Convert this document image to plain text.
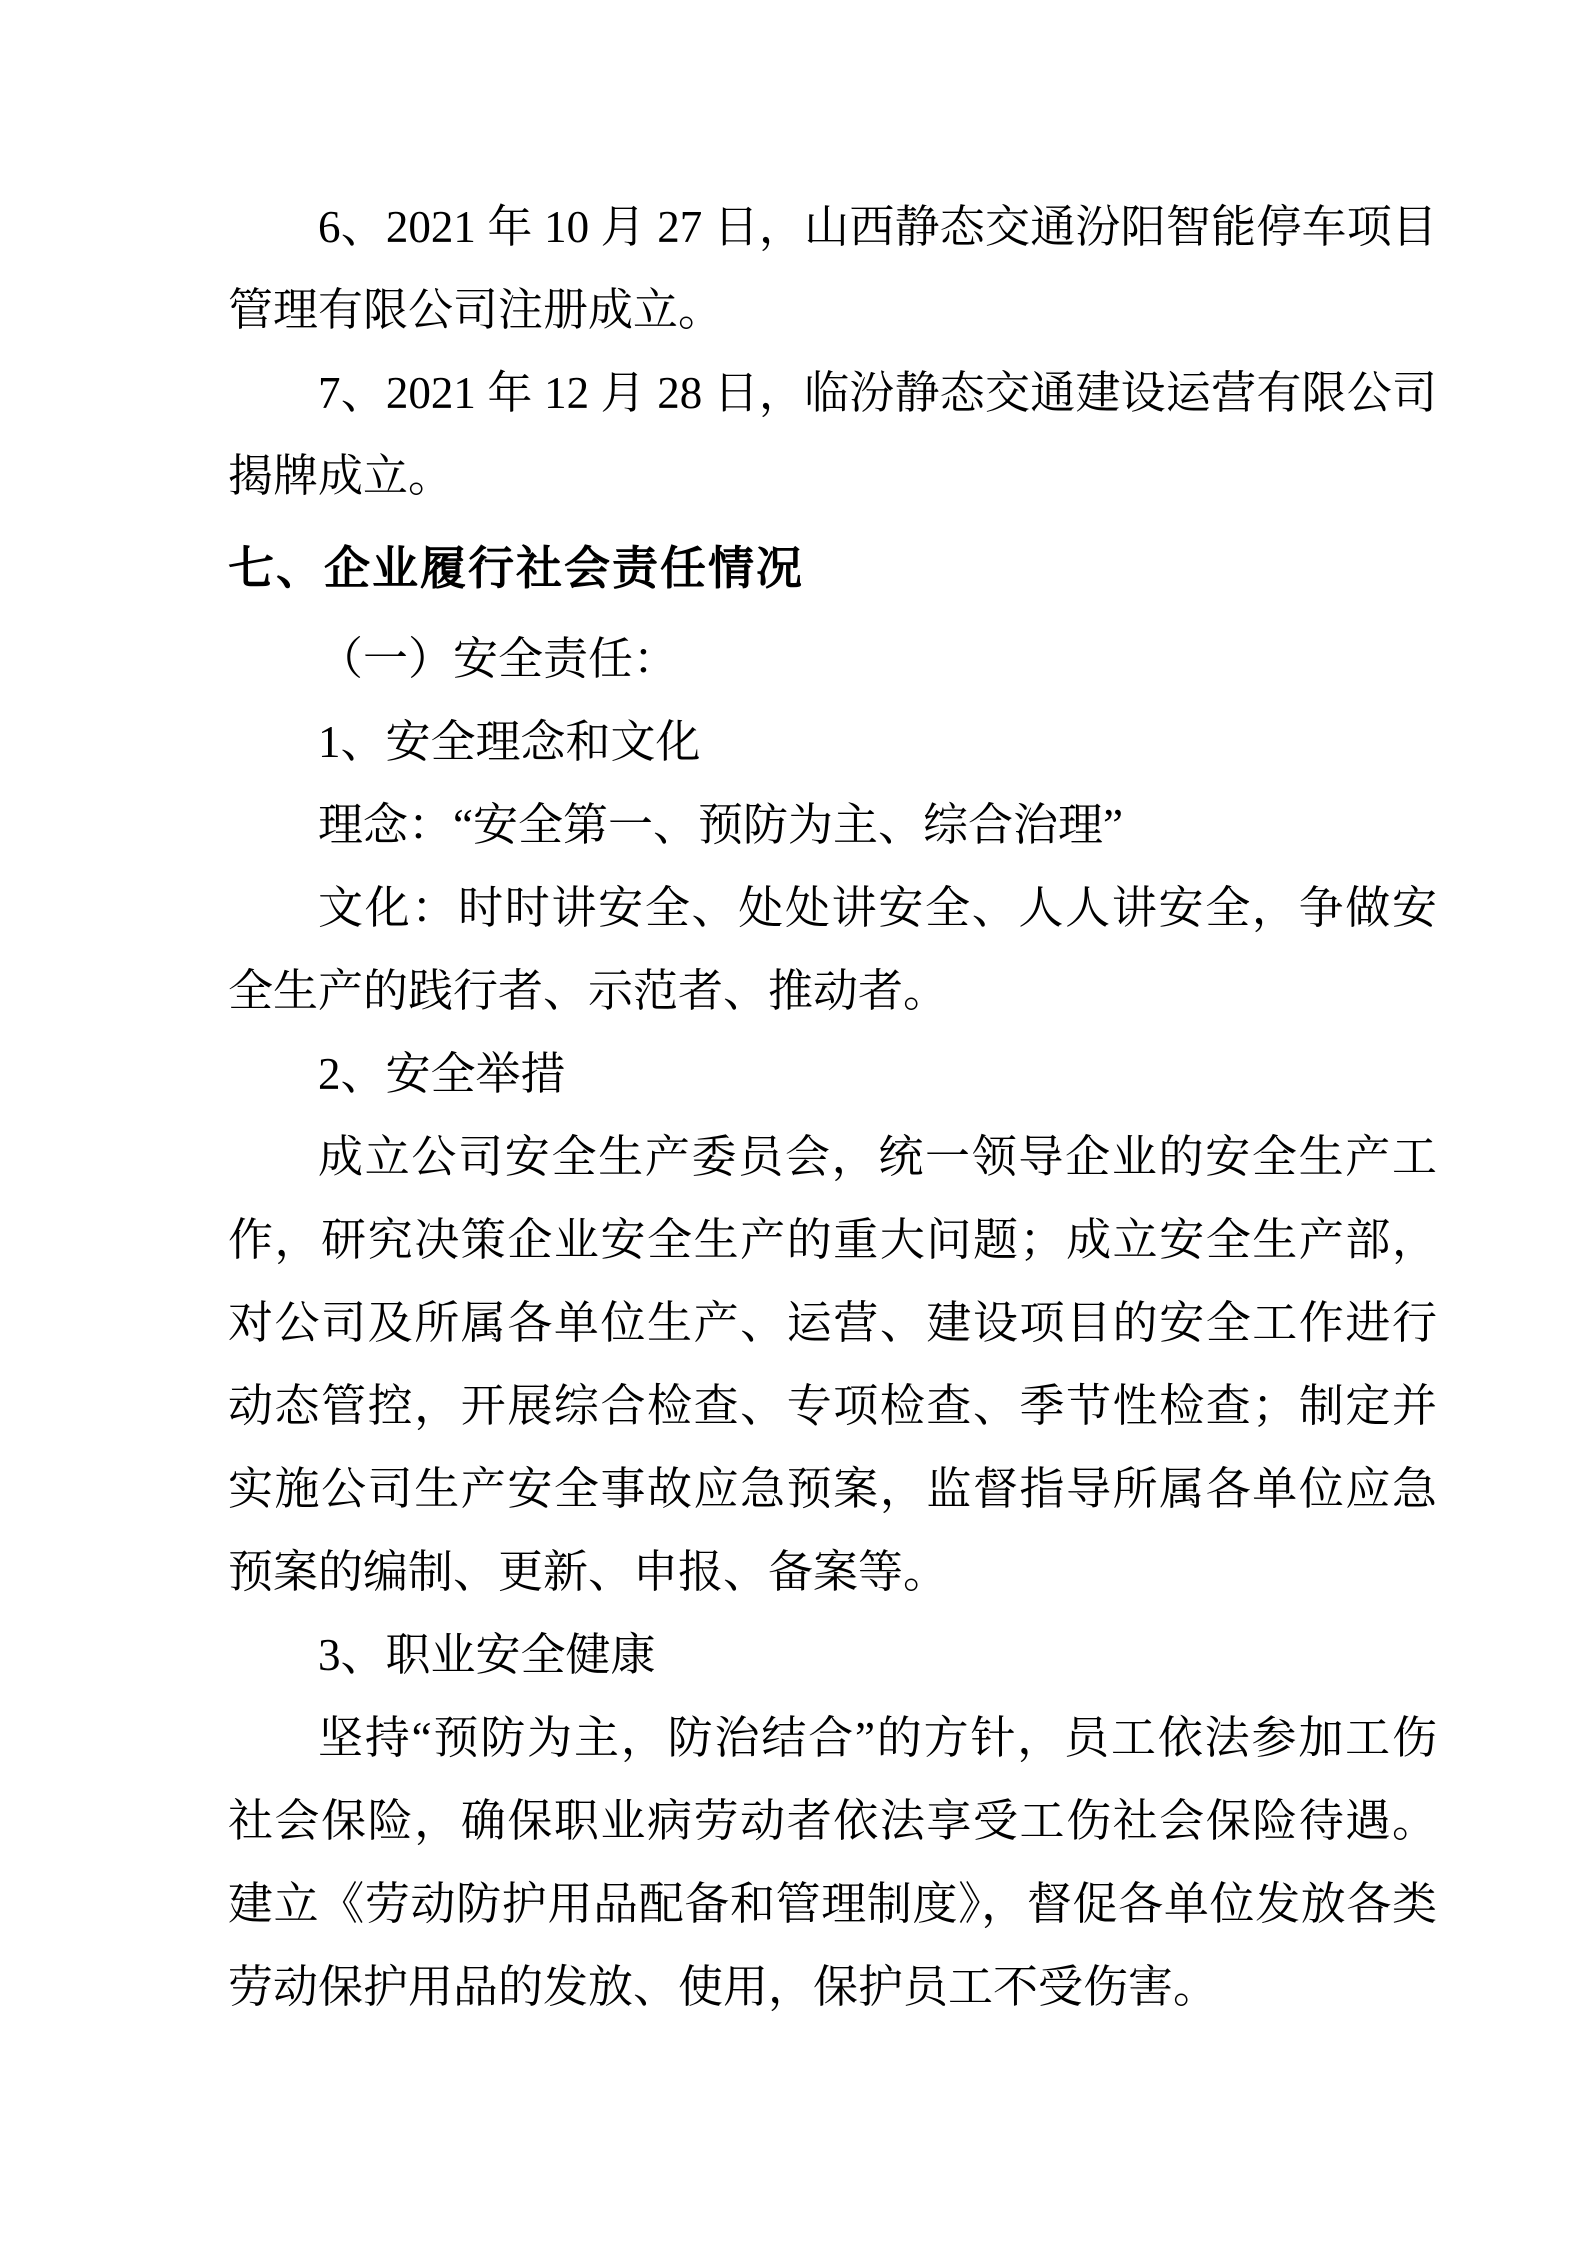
6、2021 年 10 月 27 日，山西静态交通汾阳智能停车项目管理有限公司注册成立。

7、2021 年 12 月 28 日，临汾静态交通建设运营有限公司揭牌成立。

七、企业履行社会责任情况

（一）安全责任：

1、安全理念和文化

理念：“安全第一、预防为主、综合治理”

文化：时时讲安全、处处讲安全、人人讲安全，争做安全生产的践行者、示范者、推动者。

2、安全举措

成立公司安全生产委员会，统一领导企业的安全生产工作，研究决策企业安全生产的重大问题；成立安全生产部，对公司及所属各单位生产、运营、建设项目的安全工作进行动态管控，开展综合检查、专项检查、季节性检查；制定并实施公司生产安全事故应急预案，监督指导所属各单位应急预案的编制、更新、申报、备案等。

3、职业安全健康

坚持“预防为主，防治结合”的方针，员工依法参加工伤社会保险，确保职业病劳动者依法享受工伤社会保险待遇。建立《劳动防护用品配备和管理制度》，督促各单位发放各类劳动保护用品的发放、使用，保护员工不受伤害。
